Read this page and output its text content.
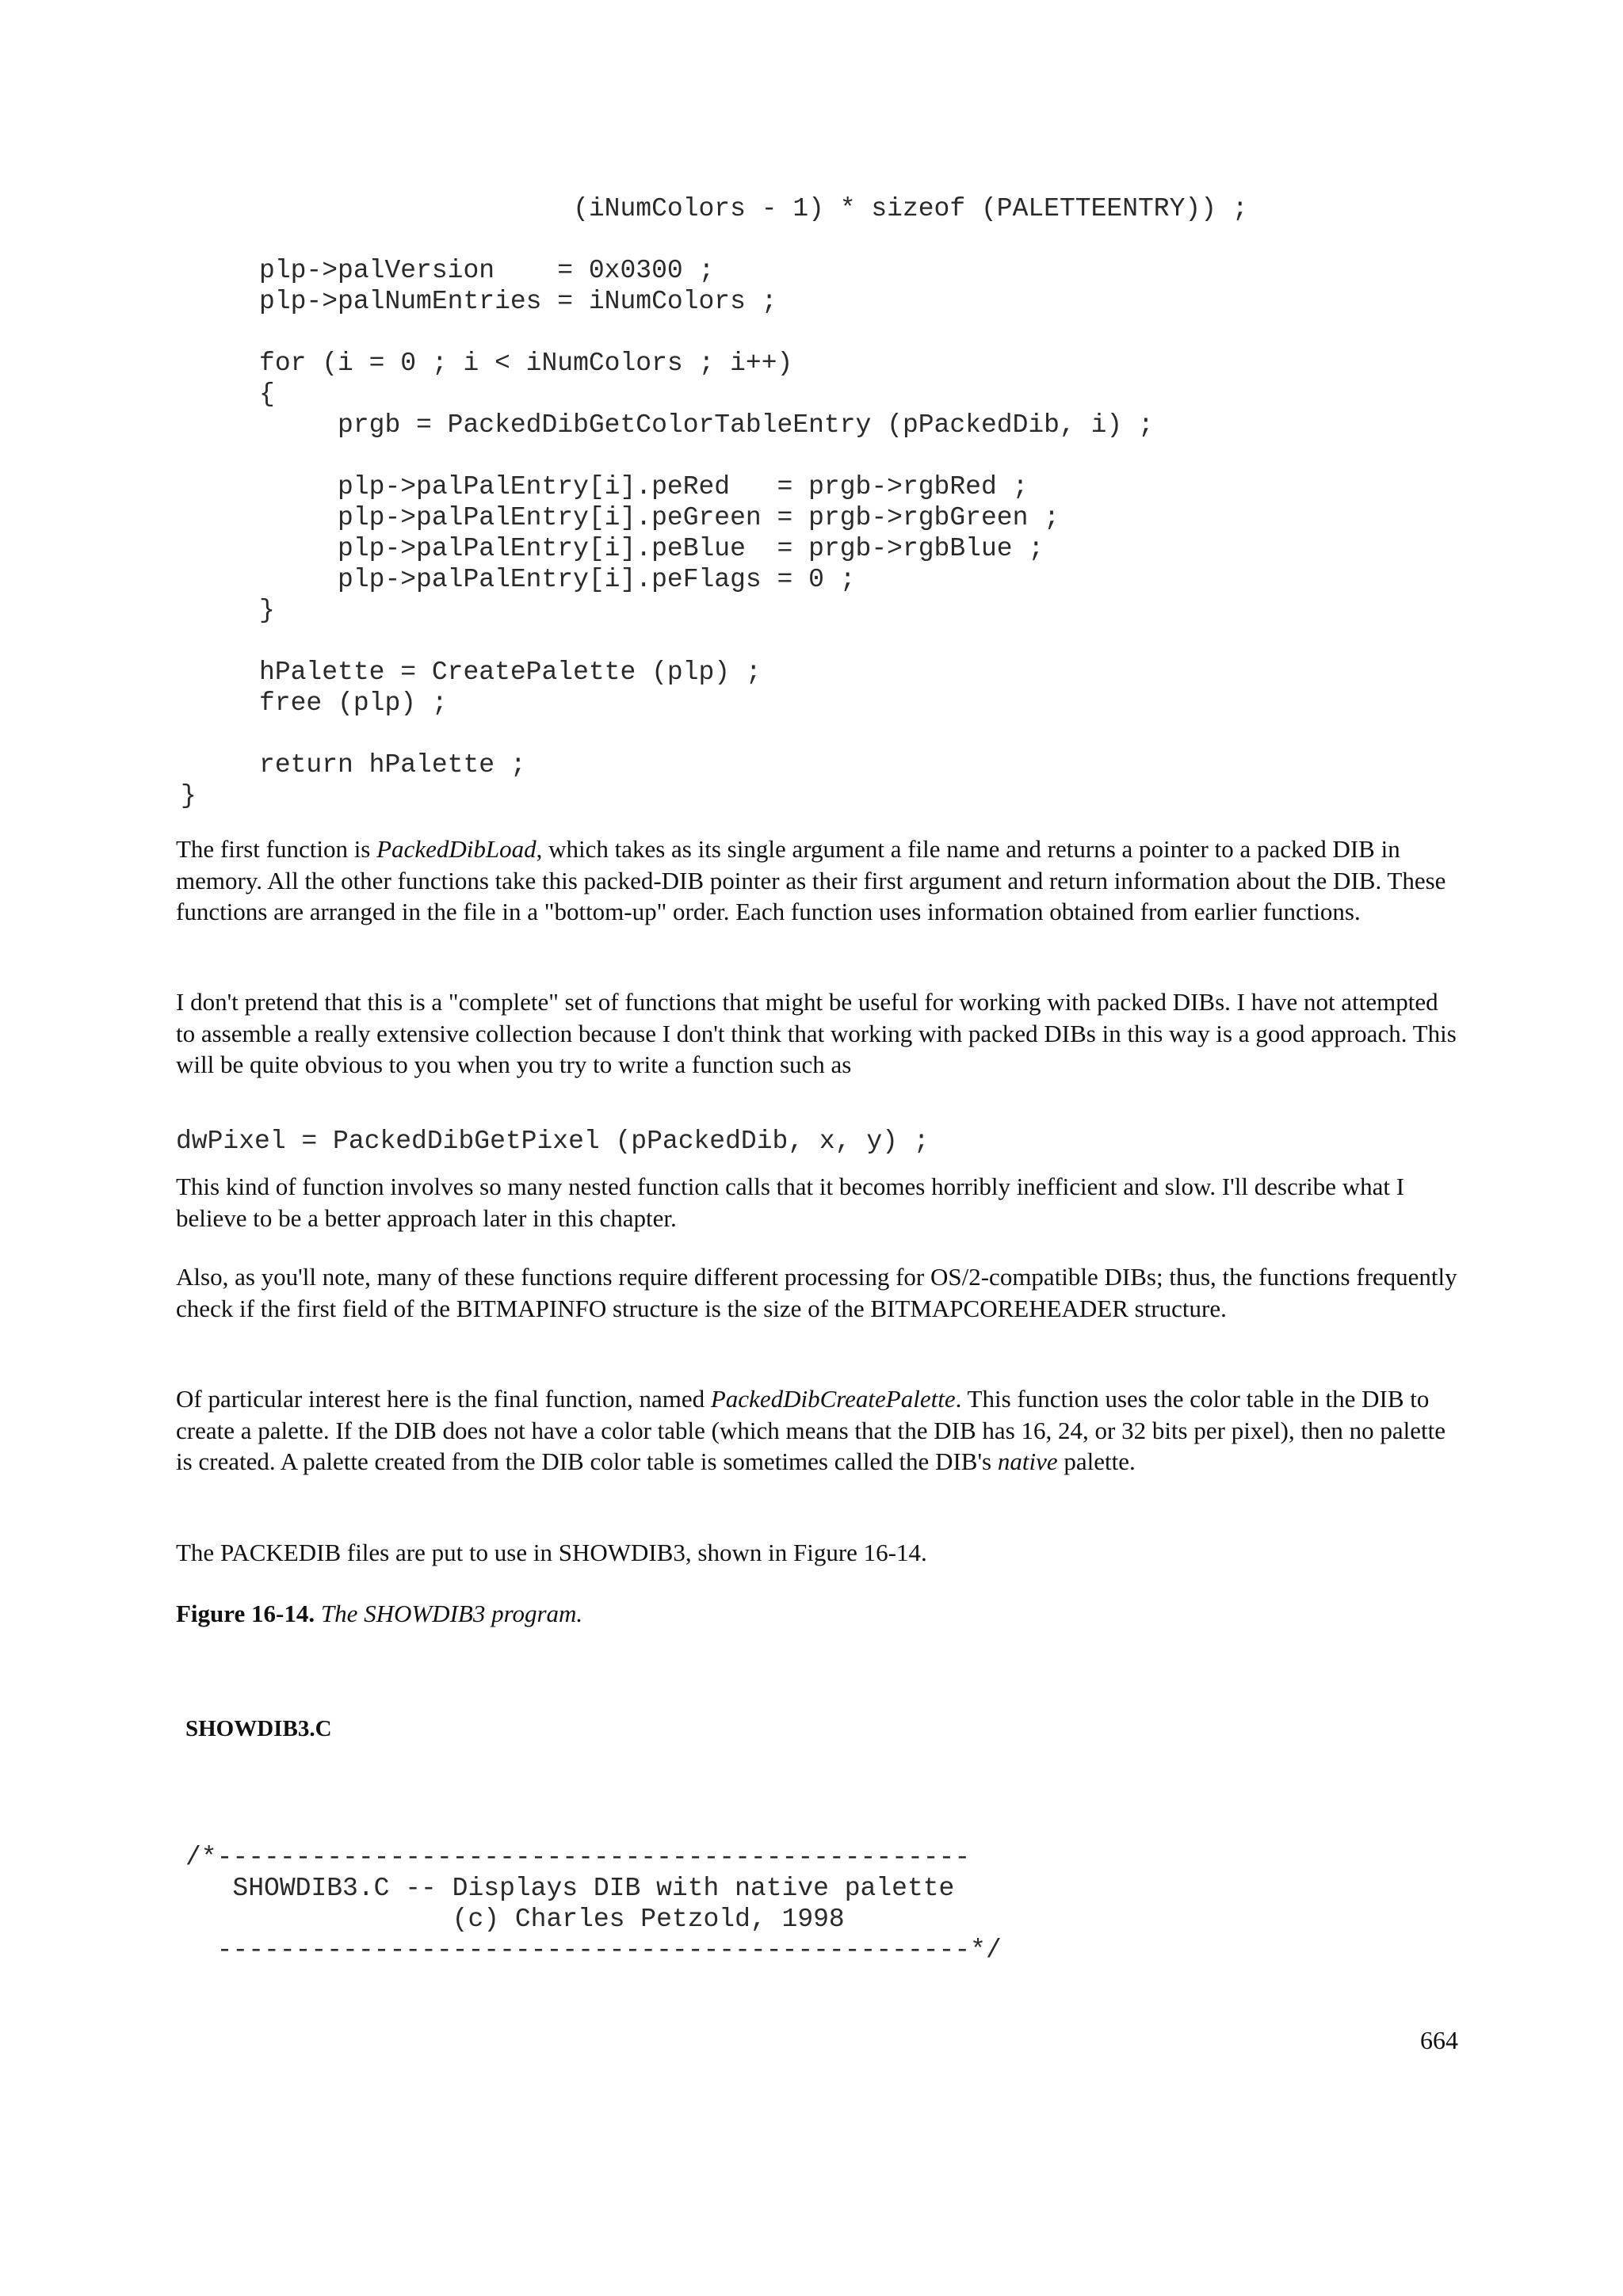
(iNumColors - 1) * sizeof (PALETTEENTRY)) ;

plp->palVersion    = 0x0300 ;
plp->palNumEntries = iNumColors ;

for (i = 0 ; i < iNumColors ; i++)
{
prgb = PackedDibGetColorTableEntry (pPackedDib, i) ;

plp->palPalEntry[i].peRed   = prgb->rgbRed ;
plp->palPalEntry[i].peGreen = prgb->rgbGreen ;
plp->palPalEntry[i].peBlue  = prgb->rgbBlue ;
plp->palPalEntry[i].peFlags = 0 ;
}

hPalette = CreatePalette (plp) ;
free (plp) ;

return hPalette ;
}

The first function is PackedDibLoad, which takes as its single argument a file name and returns a pointer to a packed DIB in memory. All the other functions take this packed-DIB pointer as their first argument and return information about the DIB. These functions are arranged in the file in a "bottom-up" order. Each function uses information obtained from earlier functions.

I don't pretend that this is a "complete" set of functions that might be useful for working with packed DIBs. I have not attempted to assemble a really extensive collection because I don't think that working with packed DIBs in this way is a good approach. This will be quite obvious to you when you try to write a function such as

dwPixel = PackedDibGetPixel (pPackedDib, x, y) ;

This kind of function involves so many nested function calls that it becomes horribly inefficient and slow. I'll describe what I believe to be a better approach later in this chapter.

Also, as you'll note, many of these functions require different processing for OS/2-compatible DIBs; thus, the functions frequently check if the first field of the BITMAPINFO structure is the size of the BITMAPCOREHEADER structure.

Of particular interest here is the final function, named PackedDibCreatePalette. This function uses the color table in the DIB to create a palette. If the DIB does not have a color table (which means that the DIB has 16, 24, or 32 bits per pixel), then no palette is created. A palette created from the DIB color table is sometimes called the DIB's native palette.

The PACKEDIB files are put to use in SHOWDIB3, shown in Figure 16-14.

Figure 16-14. The SHOWDIB3 program.

SHOWDIB3.C
/*------------------------------------------------
SHOWDIB3.C -- Displays DIB with native palette
(c) Charles Petzold, 1998
------------------------------------------------*/
664
